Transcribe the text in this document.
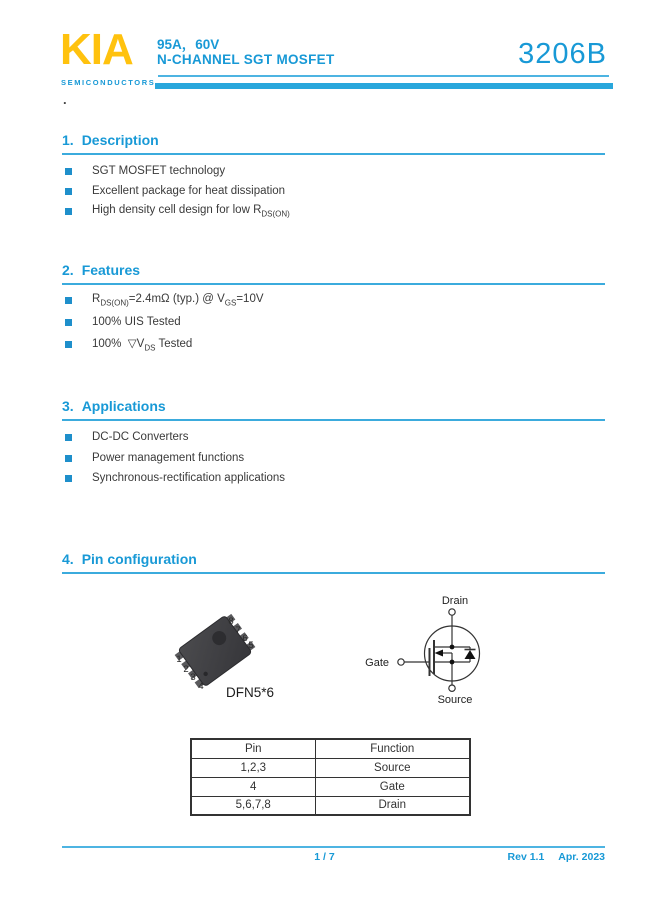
KIA
SEMICONDUCTORS
.
95A，60V
N-CHANNEL SGT MOSFET	3206B
1. Description
SGT MOSFET technology
Excellent package for heat dissipation
High density cell design for low $R_{DS(ON)}$
2. Features
$R_{DS(ON)}=2.4m\Omega$ (typ.) @ $V_{GS}=10V$
100% UIS Tested
100%  $▽V_{DS}$ Tested
3. Applications
DC-DC Converters
Power management functions
Synchronous-rectification applications
4. Pin configuration
8
7
6
5
1
2
3
4 DFN5*6
Drain
Gate
Source
Pin	Function
1,2,3	Source
4	Gate
5,6,7,8	Drain
1 / 7	Rev 1.1 Apr. 2023
